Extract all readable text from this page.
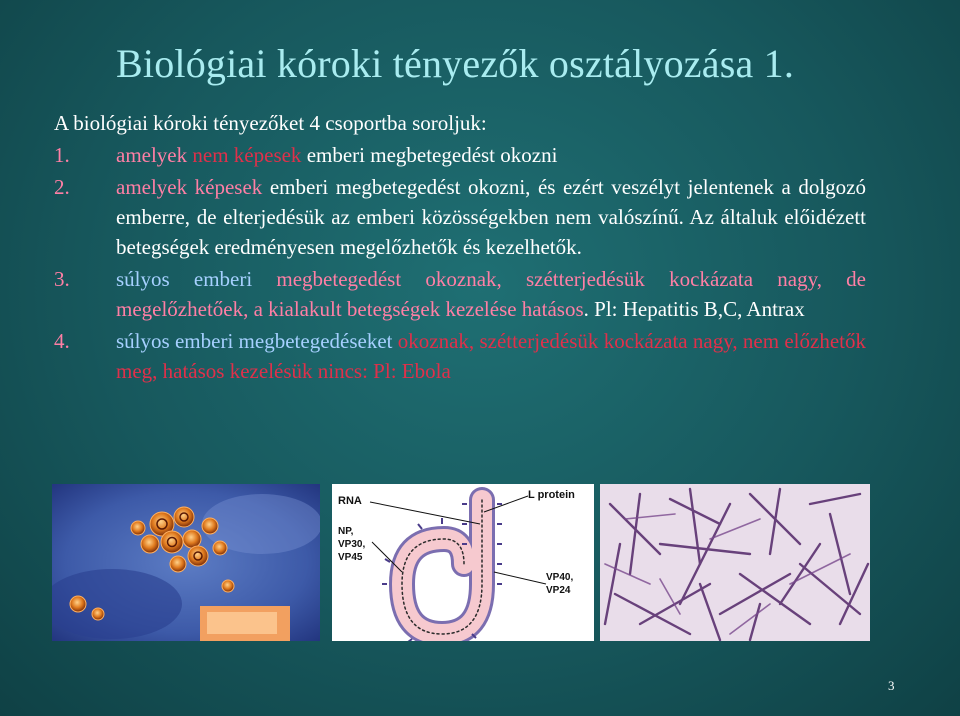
Biológiai kóroki tényezők osztályozása 1.
A biológiai kóroki tényezőket 4 csoportba soroljuk:
1.	amelyek nem képesek emberi megbetegedést okozni
2.	amelyek képesek emberi megbetegedést okozni, és ezért veszélyt jelentenek a dolgozó emberre, de elterjedésük az emberi közösségekben nem valószínű. Az általuk előidézett betegségek eredményesen megelőzhetők és kezelhetők.
3.	súlyos emberi megbetegedést okoznak, szétterjedésük kockázata nagy, de megelőzhetőek, a kialakult betegségek kezelése hatásos. Pl: Hepatitis B,C, Antrax
4.	súlyos emberi megbetegedéseket okoznak, szétterjedésük kockázata nagy, nem előzhetők meg, hatásos kezelésük nincs: Pl: Ebola
RNA	L protein
NP,
VP30,
VP45
VP40,
VP24
3
